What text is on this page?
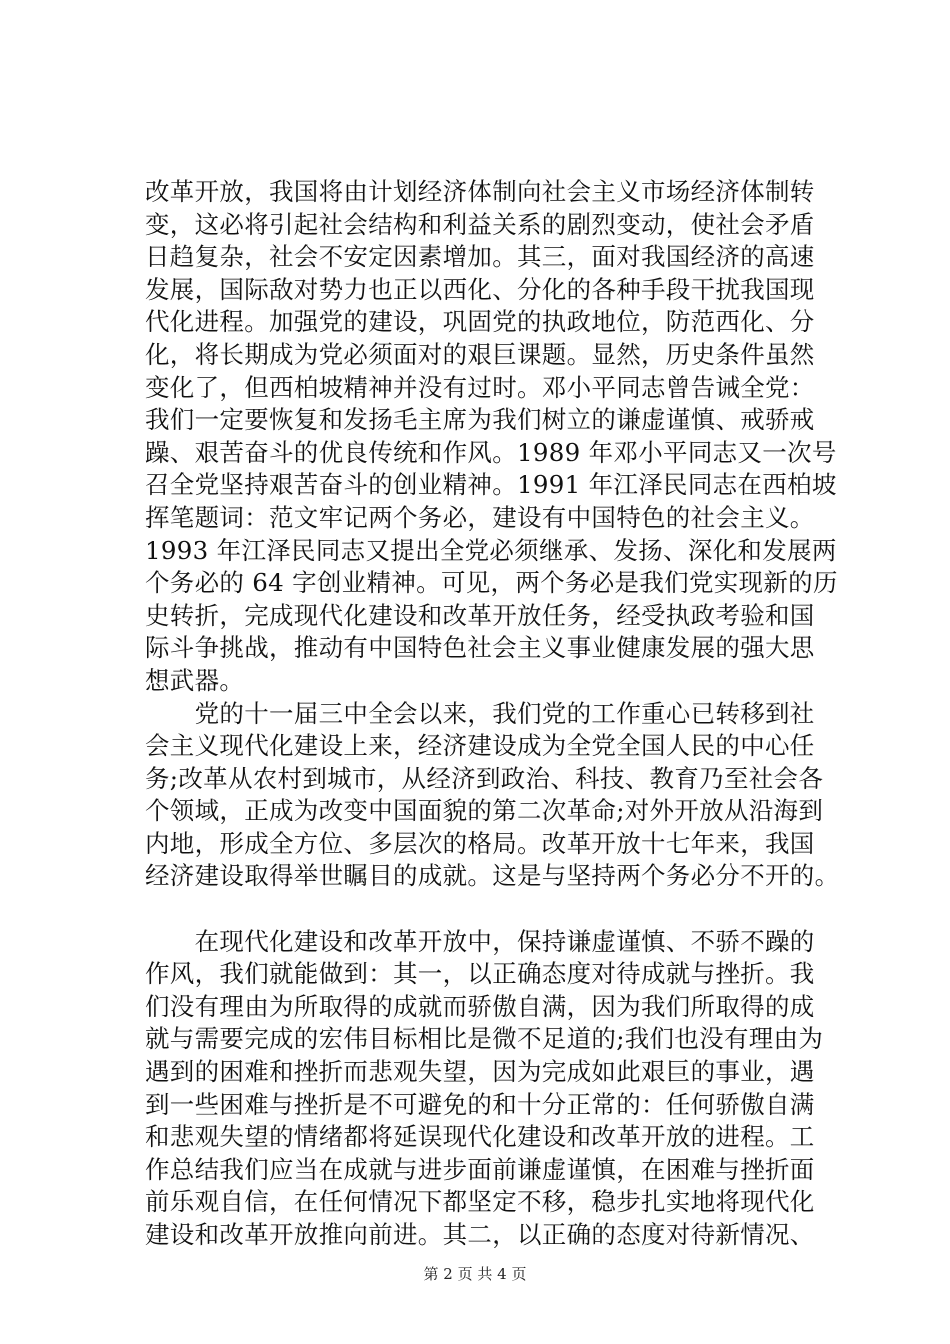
改革开放，我国将由计划经济体制向社会主义市场经济体制转
变，这必将引起社会结构和利益关系的剧烈变动，使社会矛盾
日趋复杂，社会不安定因素增加。其三，面对我国经济的高速
发展，国际敌对势力也正以西化、分化的各种手段干扰我国现
代化进程。加强党的建设，巩固党的执政地位，防范西化、分
化，将长期成为党必须面对的艰巨课题。显然，历史条件虽然
变化了，但西柏坡精神并没有过时。邓小平同志曾告诫全党：
我们一定要恢复和发扬毛主席为我们树立的谦虚谨慎、戒骄戒
躁、艰苦奋斗的优良传统和作风。1989 年邓小平同志又一次号
召全党坚持艰苦奋斗的创业精神。1991 年江泽民同志在西柏坡
挥笔题词：范文牢记两个务必，建设有中国特色的社会主义。
1993 年江泽民同志又提出全党必须继承、发扬、深化和发展两
个务必的 64 字创业精神。可见，两个务必是我们党实现新的历
史转折，完成现代化建设和改革开放任务，经受执政考验和国
际斗争挑战，推动有中国特色社会主义事业健康发展的强大思
想武器。
　　党的十一届三中全会以来，我们党的工作重心已转移到社
会主义现代化建设上来，经济建设成为全党全国人民的中心任
务;改革从农村到城市，从经济到政治、科技、教育乃至社会各
个领域，正成为改变中国面貌的第二次革命;对外开放从沿海到
内地，形成全方位、多层次的格局。改革开放十七年来，我国
经济建设取得举世瞩目的成就。这是与坚持两个务必分不开的。
　　在现代化建设和改革开放中，保持谦虚谨慎、不骄不躁的
作风，我们就能做到：其一，以正确态度对待成就与挫折。我
们没有理由为所取得的成就而骄傲自满，因为我们所取得的成
就与需要完成的宏伟目标相比是微不足道的;我们也没有理由为
遇到的困难和挫折而悲观失望，因为完成如此艰巨的事业，遇
到一些困难与挫折是不可避免的和十分正常的：任何骄傲自满
和悲观失望的情绪都将延误现代化建设和改革开放的进程。工
作总结我们应当在成就与进步面前谦虚谨慎，在困难与挫折面
前乐观自信，在任何情况下都坚定不移，稳步扎实地将现代化
建设和改革开放推向前进。其二，以正确的态度对待新情况、
第 2 页 共 4 页
